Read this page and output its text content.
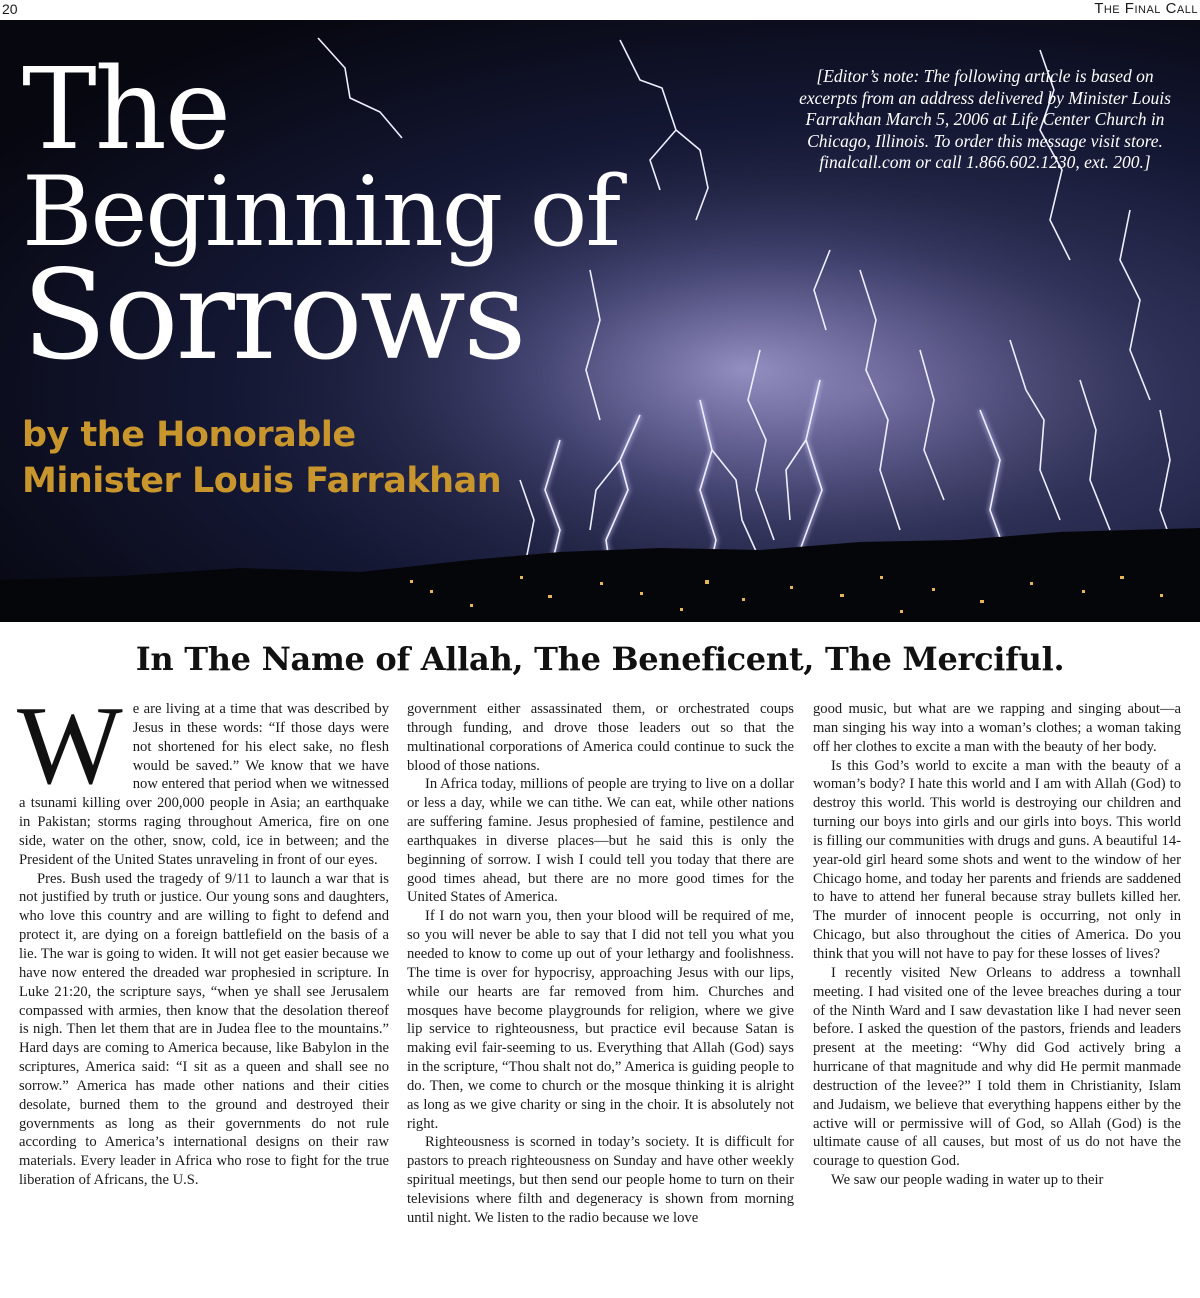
20	The Final Call
The
Beginning of
Sorrows
by the Honorable
Minister Louis Farrakhan
[Editor’s note: The following article is based on excerpts from an address delivered by Minister Louis Farrakhan March 5, 2006 at Life Center Church in Chicago, Illinois. To order this message visit store. finalcall.com or call 1.866.602.1230, ext. 200.]
In The Name of Allah, The Beneficent, The Merciful.

We are living at a time that was described by Jesus in these words: “If those days were not shortened for his elect sake, no flesh would be saved.” We know that we have now entered that period when we witnessed a tsunami killing over 200,000 people in Asia; an earthquake in Pakistan; storms raging throughout America, fire on one side, water on the other, snow, cold, ice in between; and the President of the United States unraveling in front of our eyes.

Pres. Bush used the tragedy of 9/11 to launch a war that is not justified by truth or justice. Our young sons and daughters, who love this country and are willing to fight to defend and protect it, are dying on a foreign battlefield on the basis of a lie. The war is going to widen. It will not get easier because we have now entered the dreaded war prophesied in scripture. In Luke 21:20, the scripture says, “when ye shall see Jerusalem compassed with armies, then know that the desolation thereof is nigh. Then let them that are in Judea flee to the mountains.” Hard days are coming to America because, like Babylon in the scriptures, America said: “I sit as a queen and shall see no sorrow.” America has made other nations and their cities desolate, burned them to the ground and destroyed their governments as long as their governments do not rule according to America’s international designs on their raw materials. Every leader in Africa who rose to fight for the true liberation of Africans, the U.S.

government either assassinated them, or orchestrated coups through funding, and drove those leaders out so that the multinational corporations of America could continue to suck the blood of those nations.

In Africa today, millions of people are trying to live on a dollar or less a day, while we can tithe. We can eat, while other nations are suffering famine. Jesus prophesied of famine, pestilence and earthquakes in diverse places—but he said this is only the beginning of sorrow. I wish I could tell you today that there are good times ahead, but there are no more good times for the United States of America.

If I do not warn you, then your blood will be required of me, so you will never be able to say that I did not tell you what you needed to know to come up out of your lethargy and foolishness. The time is over for hypocrisy, approaching Jesus with our lips, while our hearts are far removed from him. Churches and mosques have become playgrounds for religion, where we give lip service to righteousness, but practice evil because Satan is making evil fair-seeming to us. Everything that Allah (God) says in the scripture, “Thou shalt not do,” America is guiding people to do. Then, we come to church or the mosque thinking it is alright as long as we give charity or sing in the choir. It is absolutely not right.

Righteousness is scorned in today’s society. It is difficult for pastors to preach righteousness on Sunday and have other weekly spiritual meetings, but then send our people home to turn on their televisions where filth and degeneracy is shown from morning until night. We listen to the radio because we love

good music, but what are we rapping and singing about—a man singing his way into a woman’s clothes; a woman taking off her clothes to excite a man with the beauty of her body.

Is this God’s world to excite a man with the beauty of a woman’s body? I hate this world and I am with Allah (God) to destroy this world. This world is destroying our children and turning our boys into girls and our girls into boys. This world is filling our communities with drugs and guns. A beautiful 14-year-old girl heard some shots and went to the window of her Chicago home, and today her parents and friends are saddened to have to attend her funeral because stray bullets killed her. The murder of innocent people is occurring, not only in Chicago, but also throughout the cities of America. Do you think that you will not have to pay for these losses of lives?

I recently visited New Orleans to address a townhall meeting. I had visited one of the levee breaches during a tour of the Ninth Ward and I saw devastation like I had never seen before. I asked the question of the pastors, friends and leaders present at the meeting: “Why did God actively bring a hurricane of that magnitude and why did He permit manmade destruction of the levee?” I told them in Christianity, Islam and Judaism, we believe that everything happens either by the active will or permissive will of God, so Allah (God) is the ultimate cause of all causes, but most of us do not have the courage to question God.

We saw our people wading in water up to their
